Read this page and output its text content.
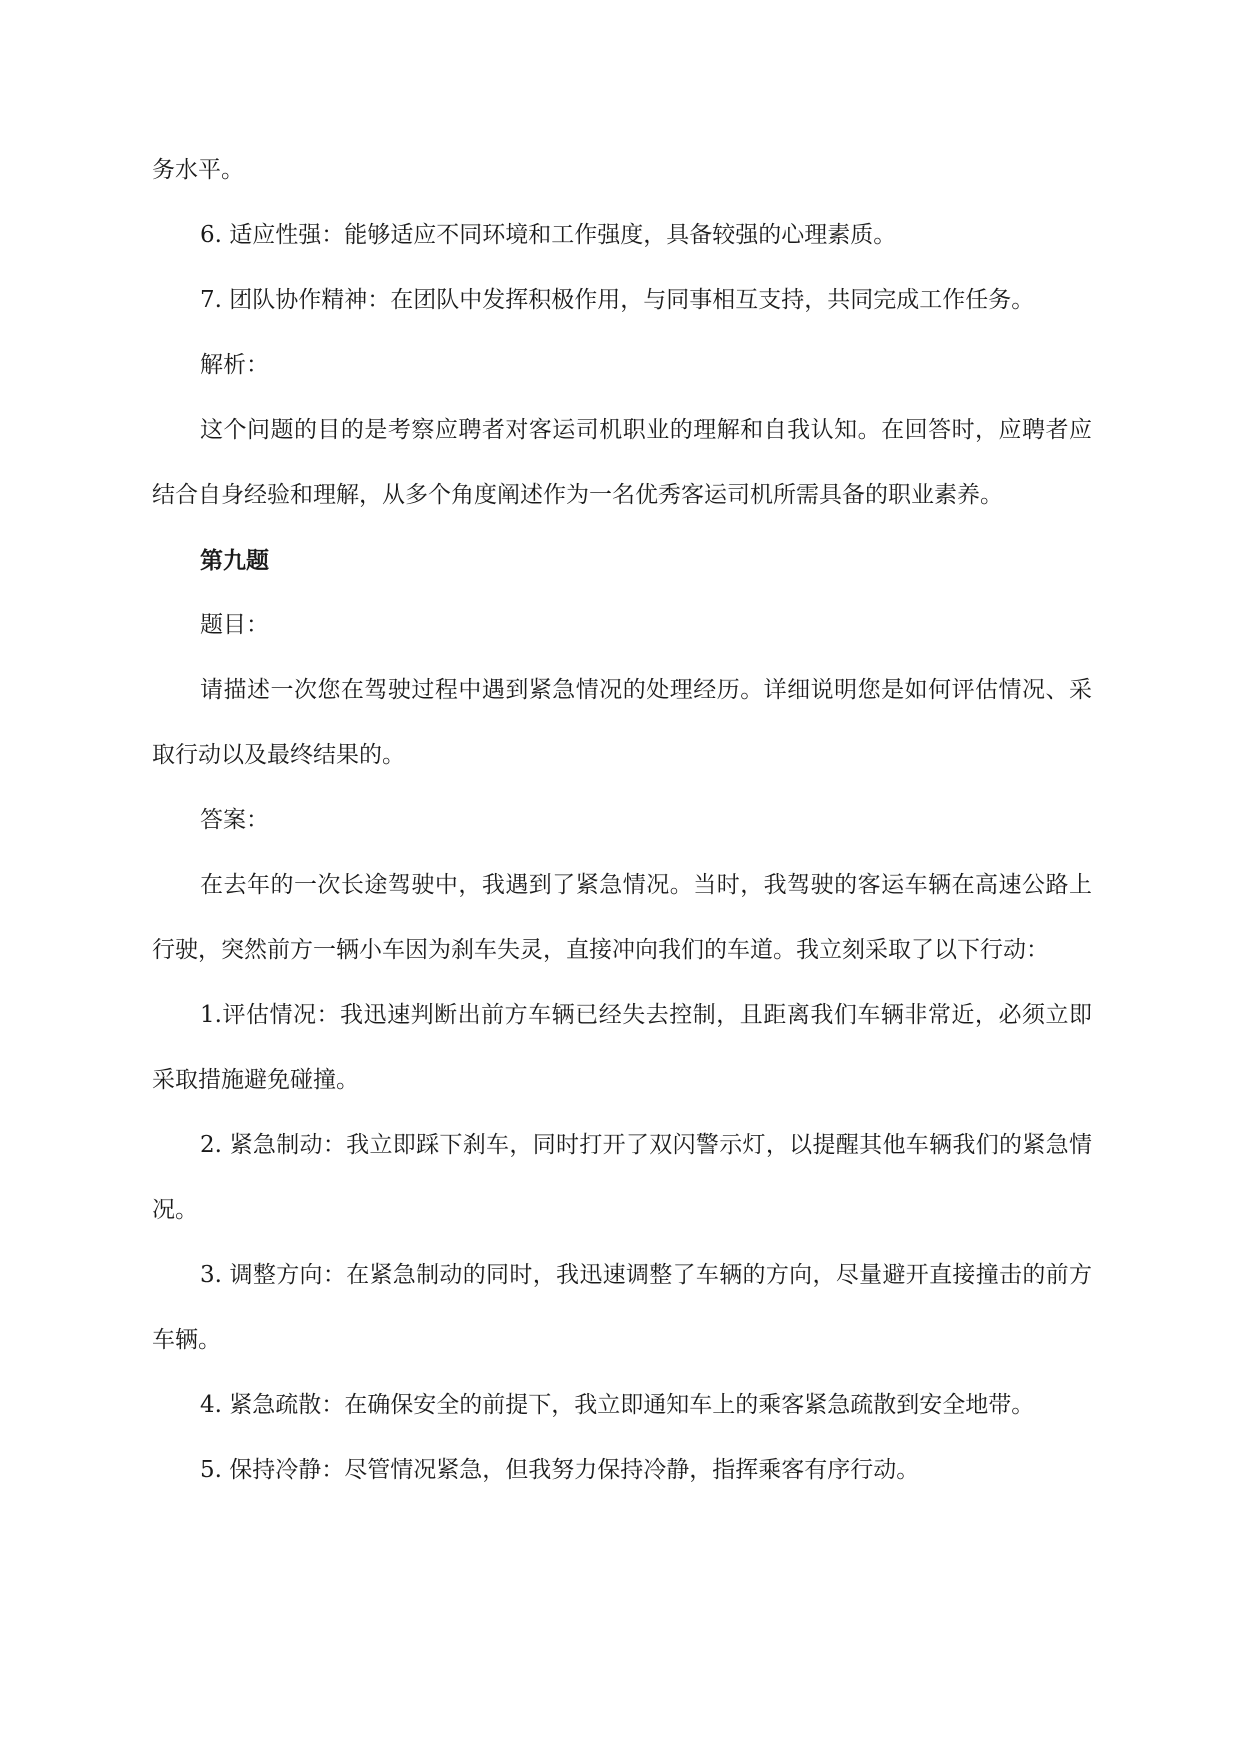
务水平。

6. 适应性强：能够适应不同环境和工作强度，具备较强的心理素质。

7. 团队协作精神：在团队中发挥积极作用，与同事相互支持，共同完成工作任务。

解析：

这个问题的目的是考察应聘者对客运司机职业的理解和自我认知。在回答时，应聘者应结合自身经验和理解，从多个角度阐述作为一名优秀客运司机所需具备的职业素养。

第九题

题目：

请描述一次您在驾驶过程中遇到紧急情况的处理经历。详细说明您是如何评估情况、采取行动以及最终结果的。

答案：

在去年的一次长途驾驶中，我遇到了紧急情况。当时，我驾驶的客运车辆在高速公路上行驶，突然前方一辆小车因为刹车失灵，直接冲向我们的车道。我立刻采取了以下行动：

1.评估情况：我迅速判断出前方车辆已经失去控制，且距离我们车辆非常近，必须立即采取措施避免碰撞。

2. 紧急制动：我立即踩下刹车，同时打开了双闪警示灯，以提醒其他车辆我们的紧急情况。

3. 调整方向：在紧急制动的同时，我迅速调整了车辆的方向，尽量避开直接撞击的前方车辆。

4. 紧急疏散：在确保安全的前提下，我立即通知车上的乘客紧急疏散到安全地带。

5. 保持冷静：尽管情况紧急，但我努力保持冷静，指挥乘客有序行动。
